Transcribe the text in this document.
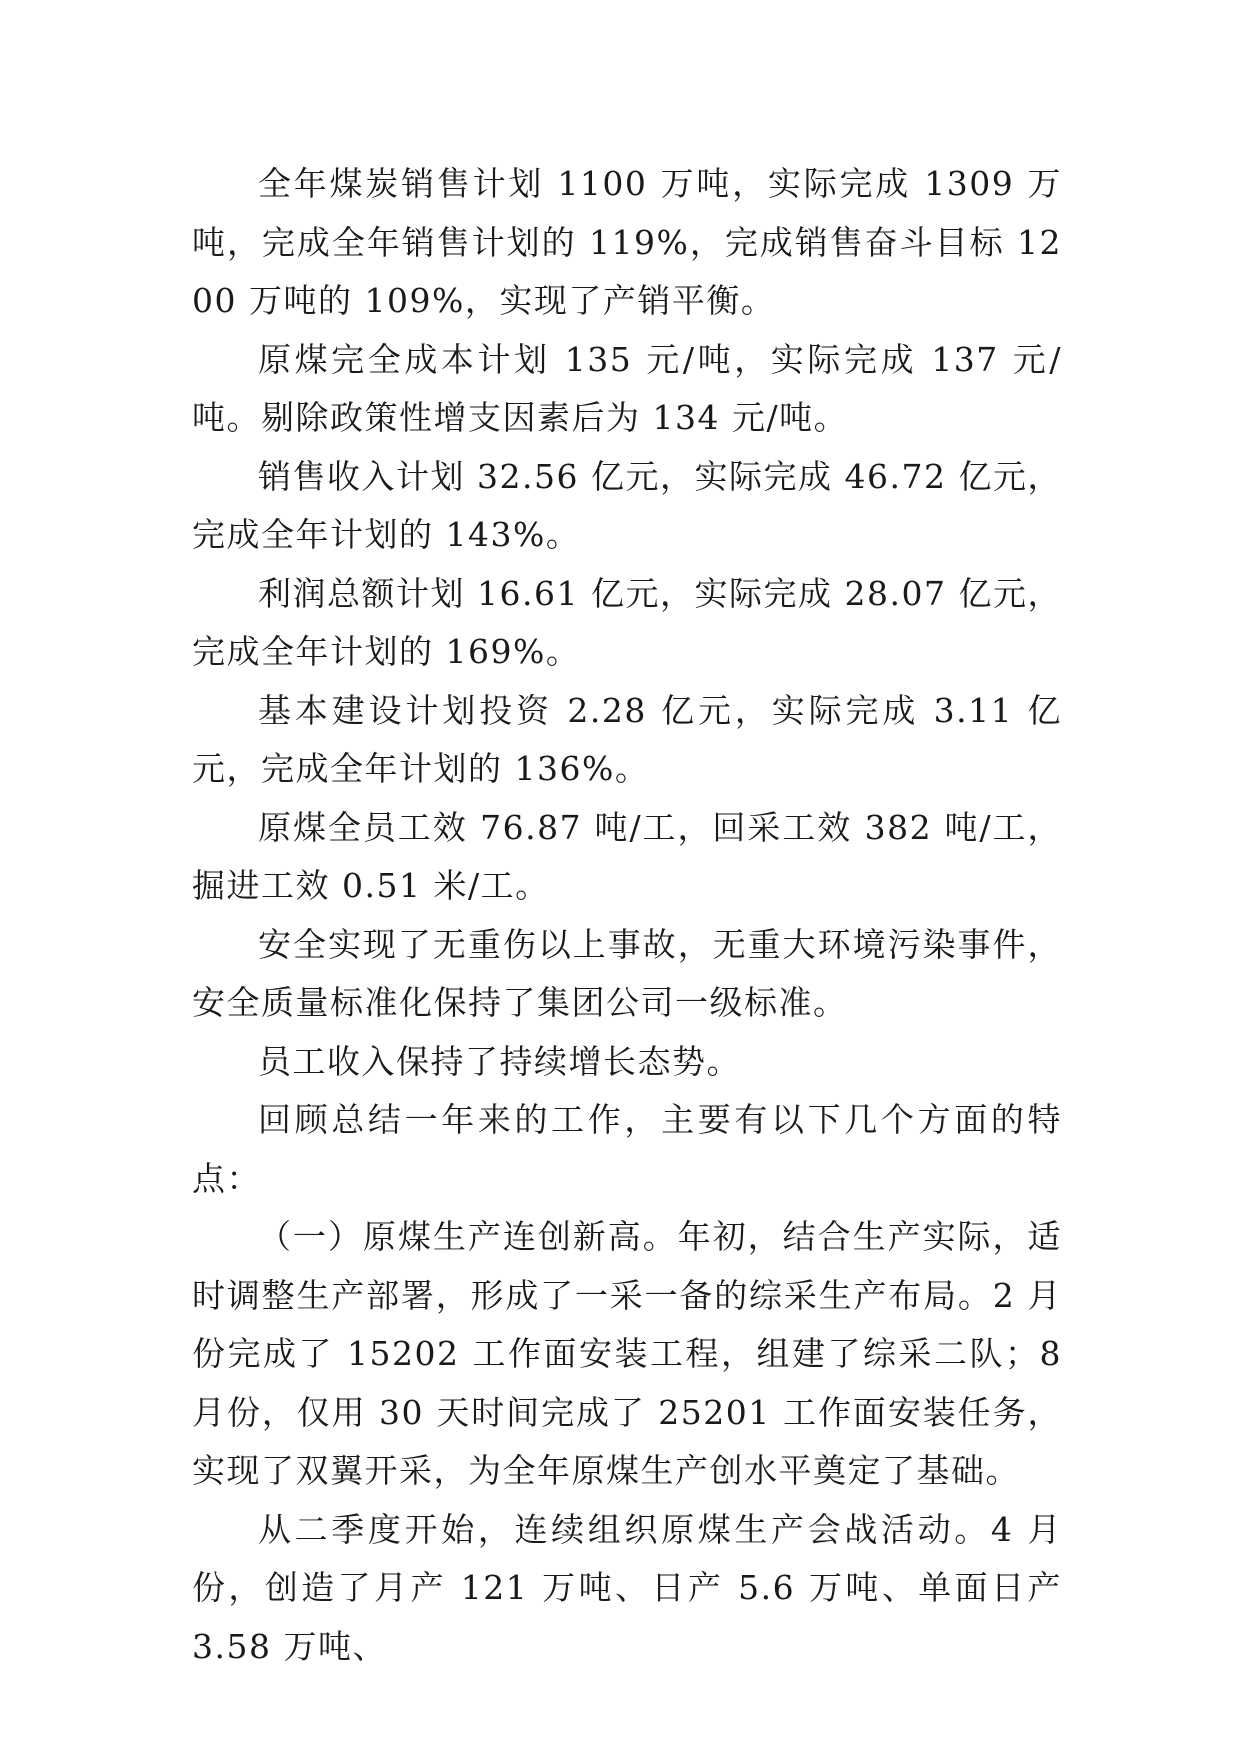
全年煤炭销售计划 1100 万吨，实际完成 1309 万吨，完成全年销售计划的 119%，完成销售奋斗目标 1200 万吨的 109%，实现了产销平衡。

原煤完全成本计划 135 元/吨，实际完成 137 元/吨。剔除政策性增支因素后为 134 元/吨。

销售收入计划 32.56 亿元，实际完成 46.72 亿元，完成全年计划的 143%。

利润总额计划 16.61 亿元，实际完成 28.07 亿元，完成全年计划的 169%。

基本建设计划投资 2.28 亿元，实际完成 3.11 亿元，完成全年计划的 136%。

原煤全员工效 76.87 吨/工，回采工效 382 吨/工，掘进工效 0.51 米/工。

安全实现了无重伤以上事故，无重大环境污染事件，安全质量标准化保持了集团公司一级标准。

员工收入保持了持续增长态势。

回顾总结一年来的工作，主要有以下几个方面的特点：

（一）原煤生产连创新高。年初，结合生产实际，适时调整生产部署，形成了一采一备的综采生产布局。2 月份完成了 15202 工作面安装工程，组建了综采二队；8 月份，仅用 30 天时间完成了 25201 工作面安装任务，实现了双翼开采，为全年原煤生产创水平奠定了基础。

从二季度开始，连续组织原煤生产会战活动。4 月份，创造了月产 121 万吨、日产 5.6 万吨、单面日产 3.58 万吨、
